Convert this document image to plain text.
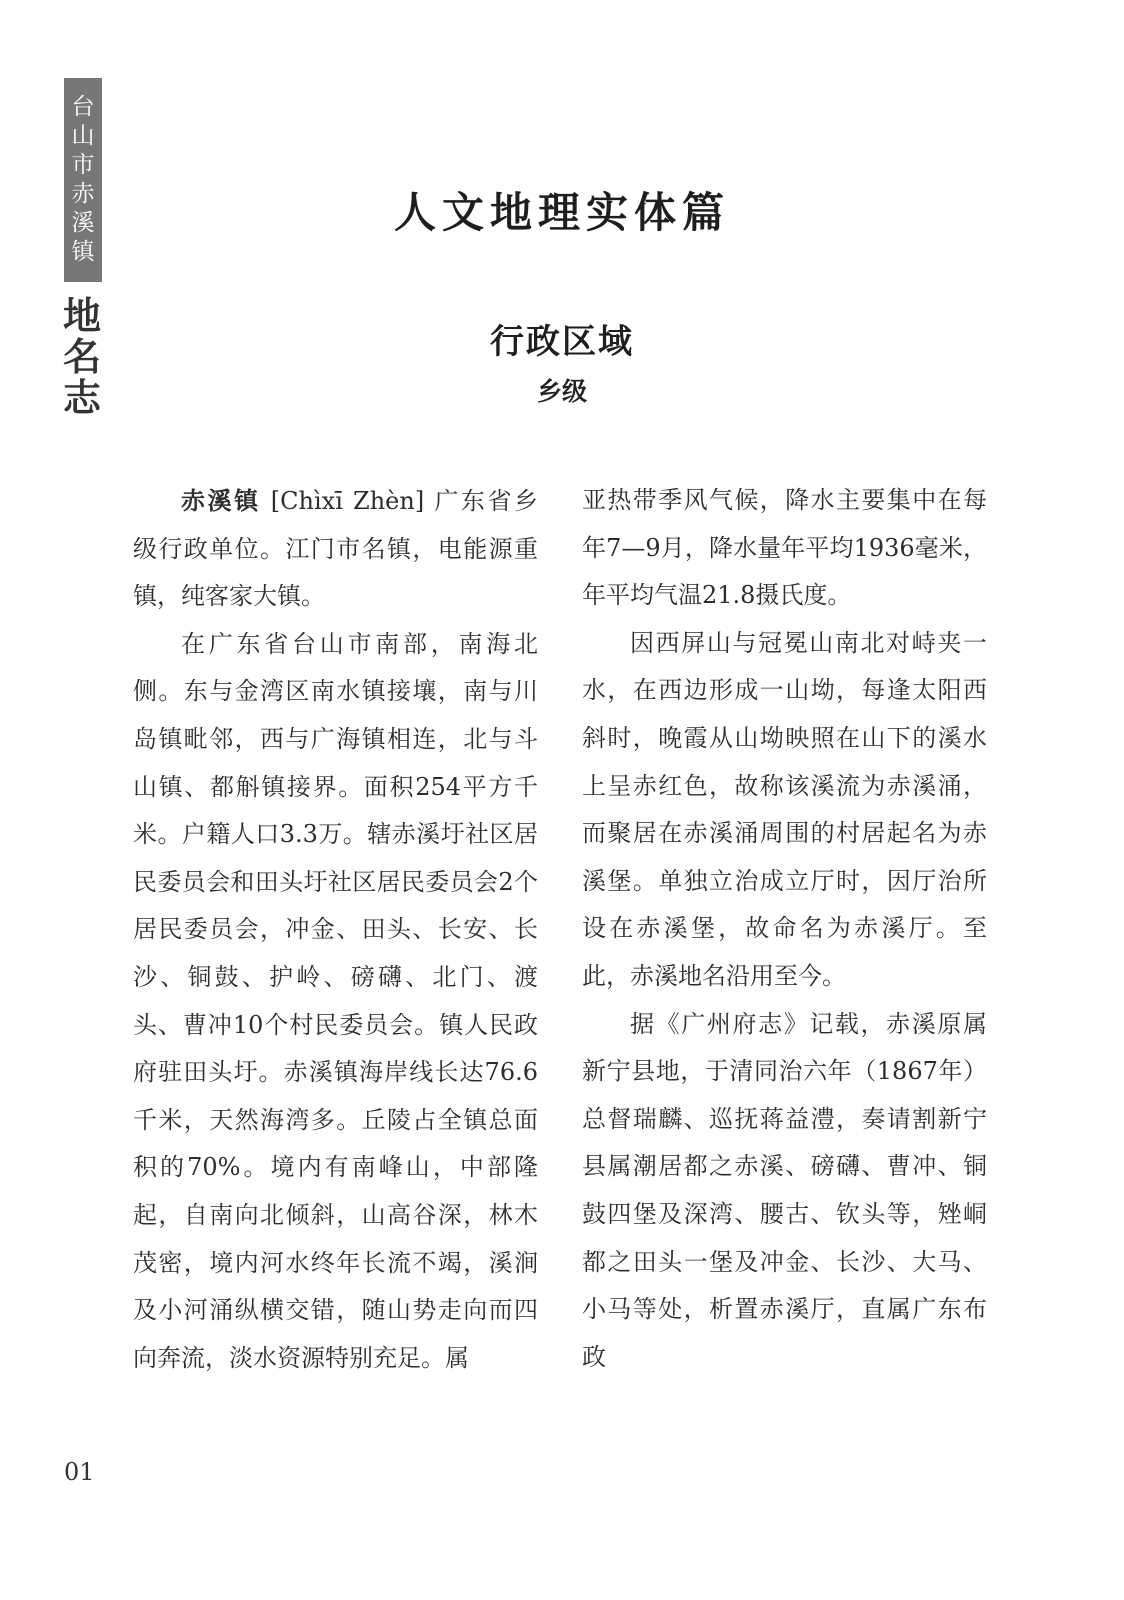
台
山
市
赤
溪
镇
地
名
志
人文地理实体篇
行政区域
乡级

赤溪镇 [Chìxī Zhèn] 广东省乡级行政单位。江门市名镇，电能源重镇，纯客家大镇。

在广东省台山市南部，南海北侧。东与金湾区南水镇接壤，南与川岛镇毗邻，西与广海镇相连，北与斗山镇、都斛镇接界。面积254平方千米。户籍人口3.3万。辖赤溪圩社区居民委员会和田头圩社区居民委员会2个居民委员会，冲金、田头、长安、长沙、铜鼓、护岭、磅礴、北门、渡头、曹冲10个村民委员会。镇人民政府驻田头圩。赤溪镇海岸线长达76.6千米，天然海湾多。丘陵占全镇总面积的70%。境内有南峰山，中部隆起，自南向北倾斜，山高谷深，林木茂密，境内河水终年长流不竭，溪涧及小河涌纵横交错，随山势走向而四向奔流，淡水资源特别充足。属

亚热带季风气候，降水主要集中在每年7—9月，降水量年平均1936毫米，年平均气温21.8摄氏度。

因西屏山与冠冕山南北对峙夹一水，在西边形成一山坳，每逢太阳西斜时，晚霞从山坳映照在山下的溪水上呈赤红色，故称该溪流为赤溪涌，而聚居在赤溪涌周围的村居起名为赤溪堡。单独立治成立厅时，因厅治所设在赤溪堡，故命名为赤溪厅。至此，赤溪地名沿用至今。

据《广州府志》记载，赤溪原属新宁县地，于清同治六年（1867年）总督瑞麟、巡抚蒋益澧，奏请割新宁县属潮居都之赤溪、磅礴、曹冲、铜鼓四堡及深湾、腰古、钦头等，矬峒都之田头一堡及冲金、长沙、大马、小马等处，析置赤溪厅，直属广东布政

01
